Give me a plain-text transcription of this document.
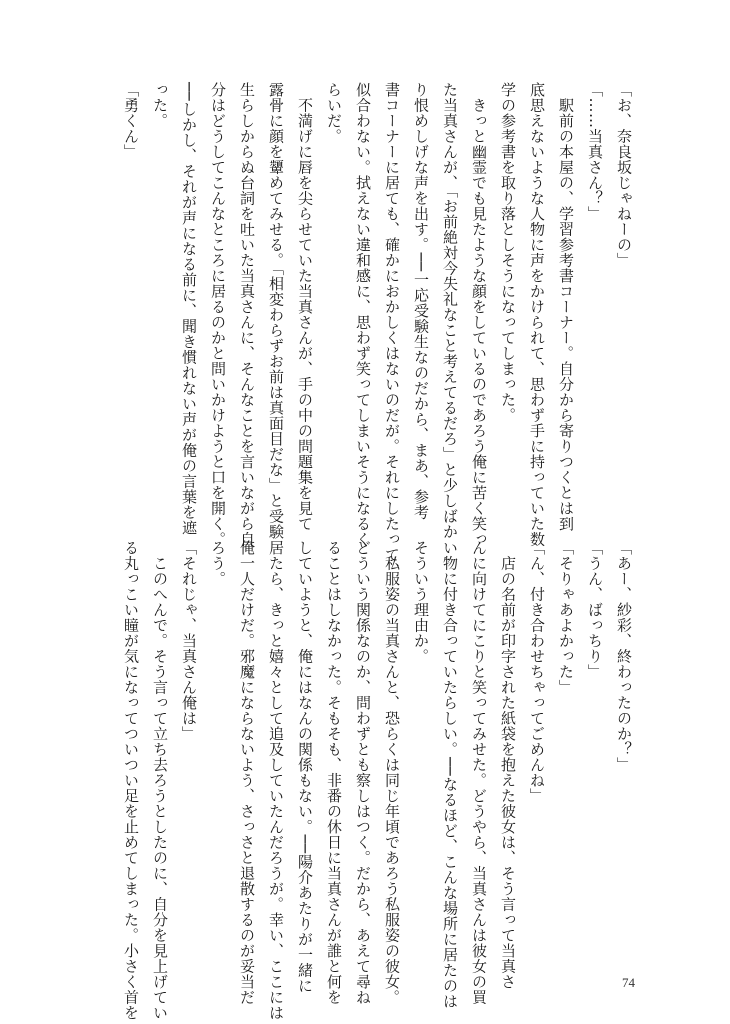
「お、奈良坂じゃねーの」

「……当真さん？」

　駅前の本屋の、学習参考書コーナー。自分から寄りつくとは到

底思えないような人物に声をかけられて、思わず手に持っていた数

学の参考書を取り落としそうになってしまった。

　きっと幽霊でも見たような顔をしているのであろう俺に苦く笑っ

た当真さんが、「お前絶対今失礼なこと考えてるだろ」と少しばか

り恨めしげな声を出す。──一応受験生なのだから、まあ、参考

書コーナーに居ても、確かにおかしくはないのだが。それにしたって、

似合わない。拭えない違和感に、思わず笑ってしまいそうになるく

らいだ。

　不満げに唇を尖らせていた当真さんが、手の中の問題集を見て

露骨に顔を顰めてみせる。「相変わらずお前は真面目だな」と受験

生らしからぬ台詞を吐いた当真さんに、そんなことを言いながら自

分はどうしてこんなところに居るのかと問いかけようと口を開く。

──しかし、それが声になる前に、聞き慣れない声が俺の言葉を遮

った。

「勇くん」

「あー、紗彩、終わったのか？」

「うん、ばっちり」

「そりゃあよかった」

「ん、付き合わせちゃってごめんね」

　店の名前が印字された紙袋を抱えた彼女は、そう言って当真さ

んに向けてにこりと笑ってみせた。どうやら、当真さんは彼女の買

い物に付き合っていたらしい。──なるほど、こんな場所に居たのは

そういう理由か。

　私服姿の当真さんと、恐らくは同じ年頃であろう私服姿の彼女。

どういう関係なのか、問わずとも察しはつく。だから、あえて尋ね

ることはしなかった。そもそも、非番の休日に当真さんが誰と何を

していようと、俺にはなんの関係もない。──陽介あたりが一緒に

居たら、きっと嬉々として追及していたんだろうが。幸い、ここには

俺一人だけだ。邪魔にならないよう、さっさと退散するのが妥当だ

ろう。

「それじゃ、当真さん俺は」

　このへんで。そう言って立ち去ろうとしたのに、自分を見上げてい

る丸っこい瞳が気になってついつい足を止めてしまった。小さく首を	74
